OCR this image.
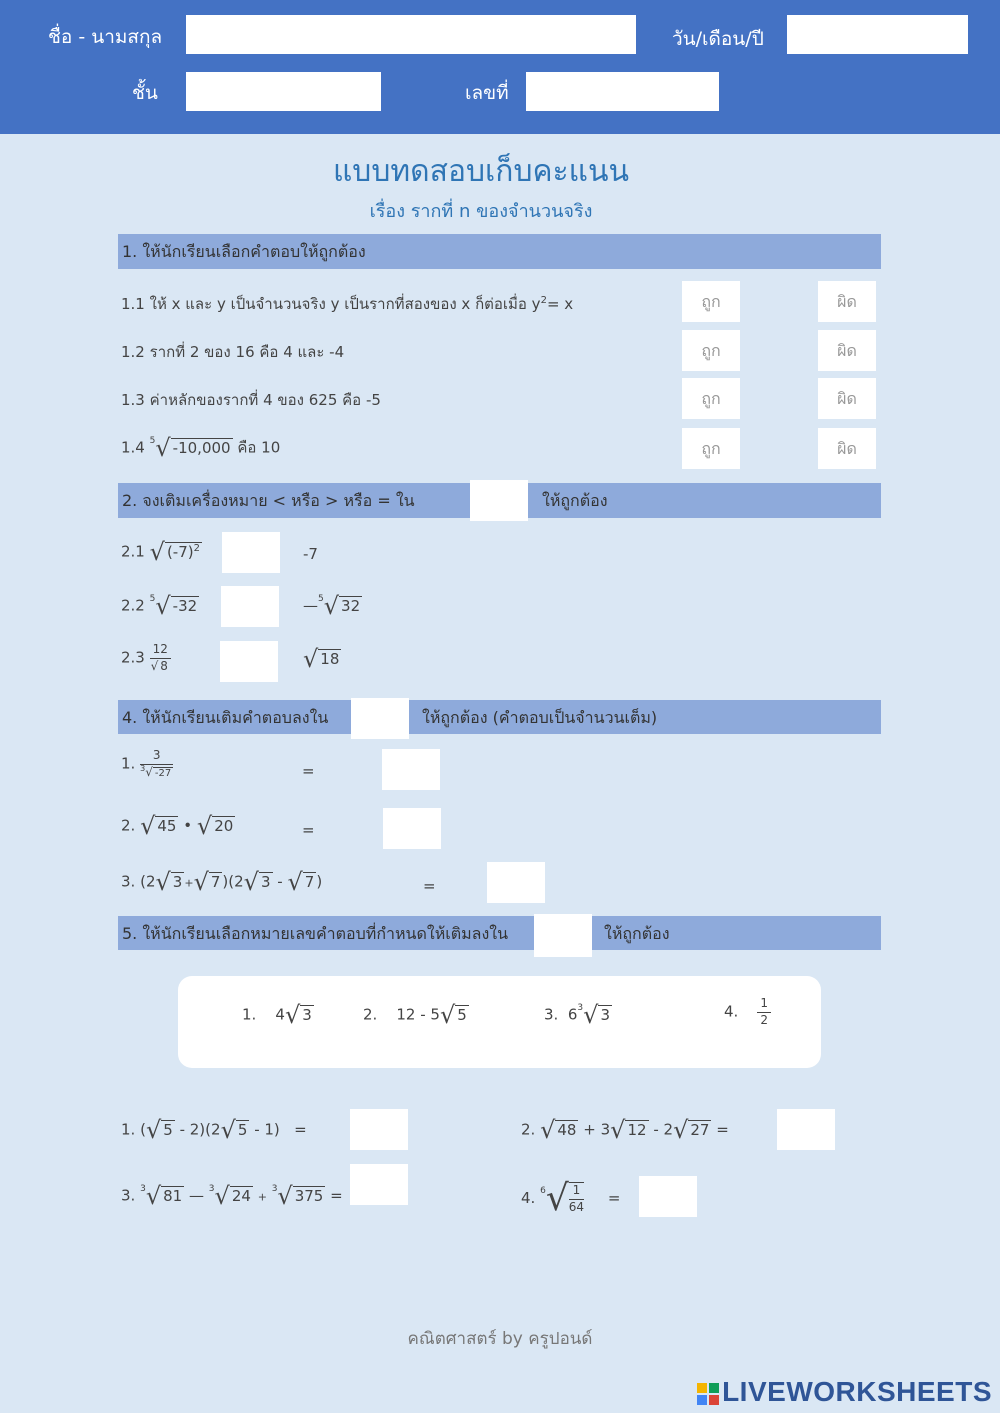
ชื่อ - นามสกุล	วัน/เดือน/ปี
ชั้น	เลขที่
แบบทดสอบเก็บคะแนน
เรื่อง รากที่ n ของจำนวนจริง
1. ให้นักเรียนเลือกคำตอบให้ถูกต้อง
1.1 ให้ x และ y เป็นจำนวนจริง y เป็นรากที่สองของ x ก็ต่อเมื่อ $y^2= x$	ถูก	ผิด
1.2 รากที่ 2 ของ 16 คือ 4 และ -4	ถูก	ผิด
1.3 ค่าหลักของรากที่ 4 ของ 625 คือ -5	ถูก	ผิด
1.4 $^5$√ -10,000 คือ 10	ถูก	ผิด
2. จงเติมเครื่องหมาย < หรือ > หรือ = ใน	ให้ถูกต้อง
2.1 √ $(-7)^2$	-7
2.2 $^5$√ -32	—$^5$√ 32
$2.3 \frac{12}{√ 8}$	√ 18
4. ให้นักเรียนเติมคำตอบลงใน	ให้ถูกต้อง (คำตอบเป็นจำนวนเต็ม)
1. $\frac{3}{^3√ -27}$	=
2. √ 45 • √ 20	=
3. (2√ 3 +√ 7 )(2√ 3 - √ 7 )	=
5. ให้นักเรียนเลือกหมายเลขคำตอบที่กำหนดให้เติมลงใน	ให้ถูกต้อง
1. 4√ 3	2. 12 - 5√ 5	3. $6^3√$ 3	4. $\frac{1}{2}$
1. (√ 5 - 2)(2√ 5 - 1) =	2. √ 48 + 3√ 12 - 2√ 27 =
3. $^3$√ 81 — $^3$√ 24 + $^3$√ 375 =	4. $^6√ \frac{1}{64}$ =
คณิตศาสตร์ by ครูปอนด์
LIVEWORKSHEETS
